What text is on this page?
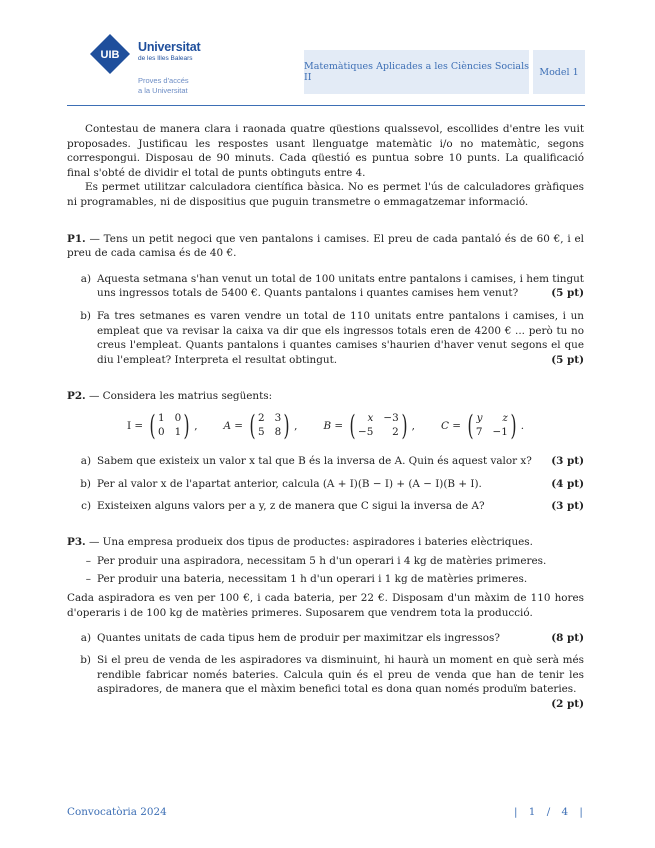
UIB
Universitat
de les Illes Balears
Proves d'accés
a la Universitat
Matemàtiques Aplicades a les Ciències Socials II	Model 1

Contestau de manera clara i raonada quatre qüestions qualssevol, escollides d'entre les vuit proposades. Justificau les respostes usant llenguatge matemàtic i/o no matemàtic, segons correspongui. Disposau de 90 minuts. Cada qüestió es puntua sobre 10 punts. La qualificació final s'obté de dividir el total de punts obtinguts entre 4.

Es permet utilitzar calculadora científica bàsica. No es permet l'ús de calculadores gràfiques ni programables, ni de dispositius que puguin transmetre o emmagatzemar informació.

P1. — Tens un petit negoci que ven pantalons i camises. El preu de cada pantaló és de 60 €, i el preu de cada camisa és de 40 €.

a) Aquesta setmana s'han venut un total de 100 unitats entre pantalons i camises, i hem tingut uns ingressos totals de 5400 €. Quants pantalons i quantes camises hem venut?	(5 pt)
b) Fa tres setmanes es varen vendre un total de 110 unitats entre pantalons i camises, i un empleat que va revisar la caixa va dir que els ingressos totals eren de 4200 € ... però tu no creus l'empleat. Quants pantalons i quantes camises s'haurien d'haver venut segons el que diu l'empleat? Interpreta el resultat obtingut.	(5 pt)

P2. — Considera les matrius següents:

I = ( 1 0
0 1 ) ,	A = ( 2 3
5 8 ) ,	B = (	x −3
−5	2 ) ,	C = ( y	z
7 −1 ) .
a) Sabem que existeix un valor x tal que B és la inversa de A. Quin és aquest valor x? (3 pt)
b) Per al valor x de l'apartat anterior, calcula (A + I)(B − I) + (A − I)(B + I).	(4 pt)
c) Existeixen alguns valors per a y, z de manera que C sigui la inversa de A?	(3 pt)

P3. — Una empresa produeix dos tipus de productes: aspiradores i bateries elèctriques.

– Per produir una aspiradora, necessitam 5 h d'un operari i 4 kg de matèries primeres.
– Per produir una bateria, necessitam 1 h d'un operari i 1 kg de matèries primeres.

Cada aspiradora es ven per 100 €, i cada bateria, per 22 €. Disposam d'un màxim de 110 hores d'operaris i de 100 kg de matèries primeres. Suposarem que vendrem tota la producció.

a) Quantes unitats de cada tipus hem de produir per maximitzar els ingressos?	(8 pt)
b) Si el preu de venda de les aspiradores va disminuint, hi haurà un moment en què serà més rendible fabricar només bateries. Calcula quin és el preu de venda que han de tenir les aspiradores, de manera que el màxim benefici total es dona quan només produïm bateries.
(2 pt)
Convocatòria 2024	| 1 / 4 |
